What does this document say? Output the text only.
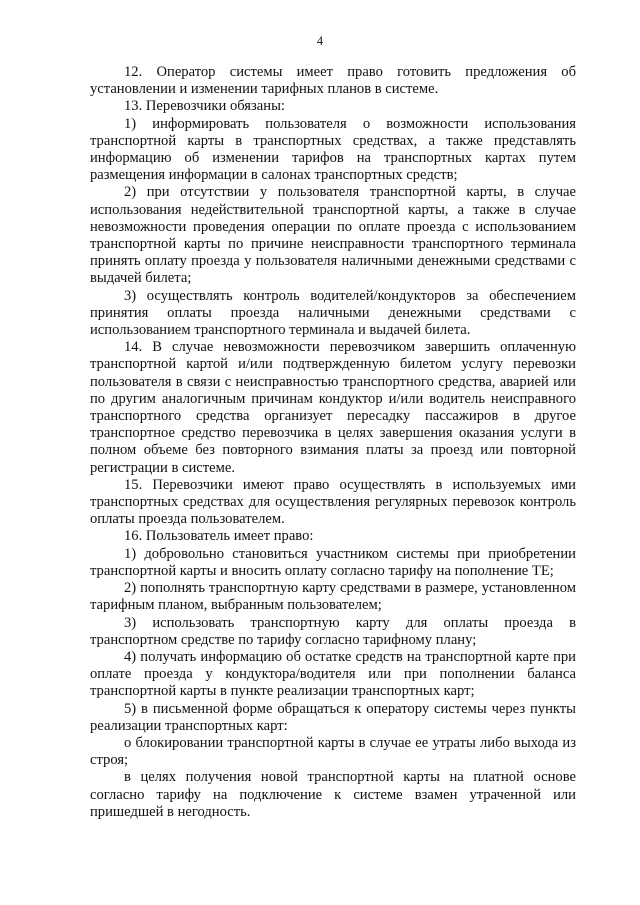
4

12. Оператор системы имеет право готовить предложения об установлении и изменении тарифных планов в системе.

13. Перевозчики обязаны:

1) информировать пользователя о возможности использования транспортной карты в транспортных средствах, а также представлять информацию об изменении тарифов на транспортных картах путем размещения информации в салонах транспортных средств;

2) при отсутствии у пользователя транспортной карты, в случае использования недействительной транспортной карты, а также в случае невозможности проведения операции по оплате проезда с использованием транспортной карты по причине неисправности транспортного терминала принять оплату проезда у пользователя наличными денежными средствами с выдачей билета;

3) осуществлять контроль водителей/кондукторов за обеспечением принятия оплаты проезда наличными денежными средствами с использованием транспортного терминала и выдачей билета.

14. В случае невозможности перевозчиком завершить оплаченную транспортной картой и/или подтвержденную билетом услугу перевозки пользователя в связи с неисправностью транспортного средства, аварией или по другим аналогичным причинам кондуктор и/или водитель неисправного транспортного средства организует пересадку пассажиров в другое транспортное средство перевозчика в целях завершения оказания услуги в полном объеме без повторного взимания платы за проезд или повторной регистрации в системе.

15. Перевозчики имеют право осуществлять в используемых ими транспортных средствах для осуществления регулярных перевозок контроль оплаты проезда пользователем.

16. Пользователь имеет право:

1) добровольно становиться участником системы при приобретении транспортной карты и вносить оплату согласно тарифу на пополнение ТЕ;

2) пополнять транспортную карту средствами в размере, установленном тарифным планом, выбранным пользователем;

3) использовать транспортную карту для оплаты проезда в транспортном средстве по тарифу согласно тарифному плану;

4) получать информацию об остатке средств на транспортной карте при оплате проезда у кондуктора/водителя или при пополнении баланса транспортной карты в пункте реализации транспортных карт;

5) в письменной форме обращаться к оператору системы через пункты реализации транспортных карт:

о блокировании транспортной карты в случае ее утраты либо выхода из строя;

в целях получения новой транспортной карты на платной основе согласно тарифу на подключение к системе взамен утраченной или пришедшей в негодность.
